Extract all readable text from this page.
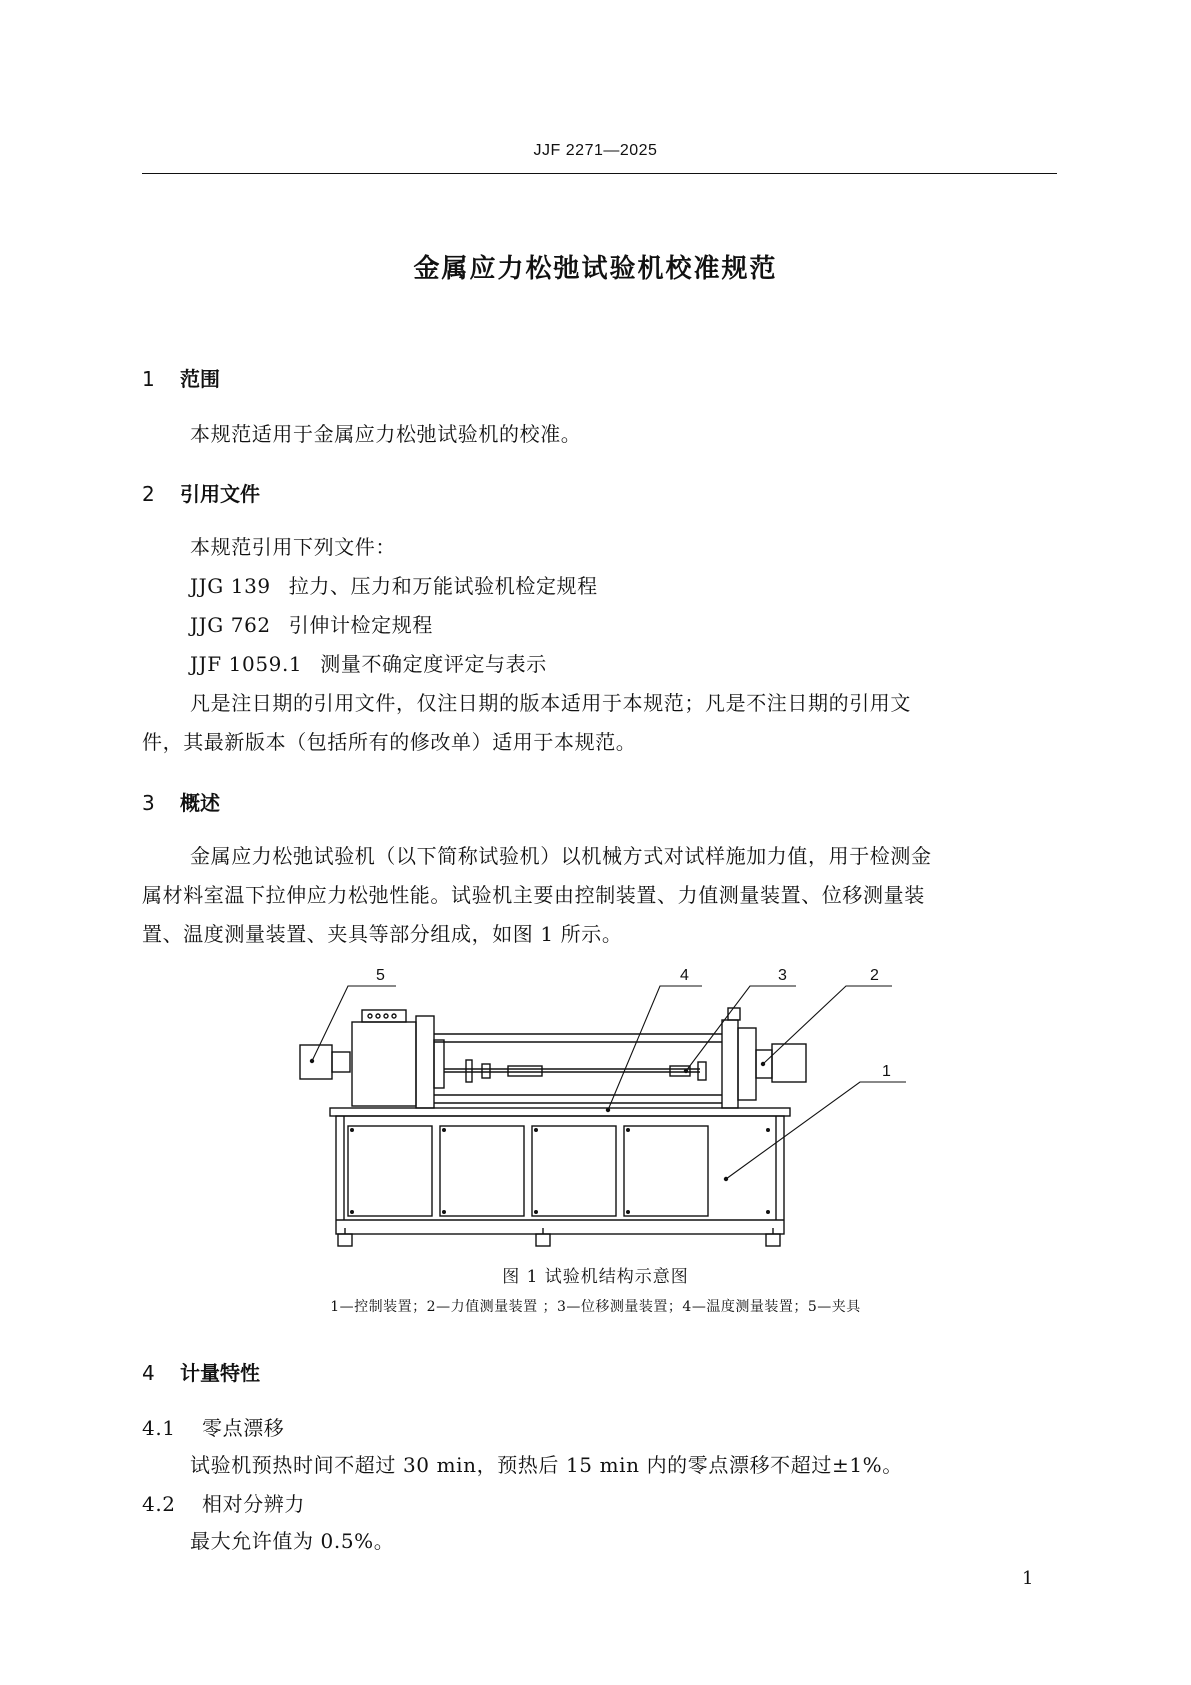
JJF 2271—2025
金属应力松弛试验机校准规范
1 范围
本规范适用于金属应力松弛试验机的校准。
2 引用文件
本规范引用下列文件：
JJG 139 拉力、压力和万能试验机检定规程
JJG 762 引伸计检定规程
JJF 1059.1 测量不确定度评定与表示
凡是注日期的引用文件，仅注日期的版本适用于本规范；凡是不注日期的引用文
件，其最新版本（包括所有的修改单）适用于本规范。
3 概述
金属应力松弛试验机（以下简称试验机）以机械方式对试样施加力值，用于检测金
属材料室温下拉伸应力松弛性能。试验机主要由控制装置、力值测量装置、位移测量装
置、温度测量装置、夹具等部分组成，如图 1 所示。
5	4	3	2
1
图 1 试验机结构示意图
1—控制装置；2—力值测量装置 ；3—位移测量装置；4—温度测量装置；5—夹具
4 计量特性
4.1 零点漂移
试验机预热时间不超过 30 min，预热后 15 min 内的零点漂移不超过±1%。
4.2 相对分辨力
最大允许值为 0.5%。
1
